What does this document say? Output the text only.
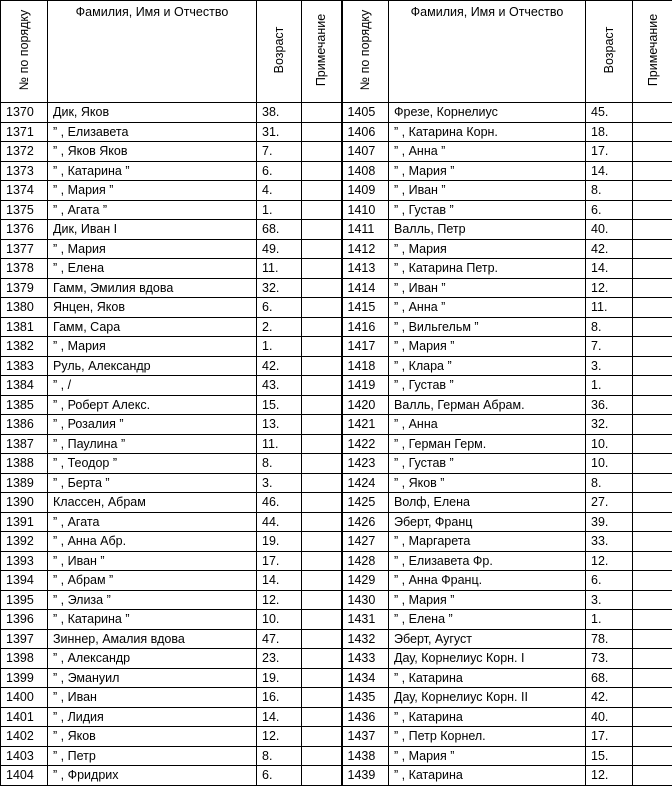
№ по порядку	Фамилия, Имя и Отчество	Возраст	Примечание	№ по порядку	Фамилия, Имя и Отчество	Возраст	Примечание

1370	Дик, Яков	38.		1405	Фрезе, Корнелиус	45.	
1371	” , Елизавета	31.		1406	” , Катарина Корн.	18.	
1372	” , Яков Яков	7.		1407	” , Анна ”	17.	
1373	” , Катарина ”	6.		1408	” , Мария ”	14.	
1374	” , Мария ”	4.		1409	” , Иван ”	8.	
1375	” , Агата ”	1.		1410	” , Густав ”	6.	
1376	Дик, Иван I	68.		1411	Валль, Петр	40.	
1377	” , Мария	49.		1412	” , Мария	42.	
1378	” , Елена	11.		1413	” , Катарина Петр.	14.	
1379	Гамм, Эмилия вдова	32.		1414	” , Иван ”	12.	
1380	Янцен, Яков	6.		1415	” , Анна ”	11.	
1381	Гамм, Сара	2.		1416	” , Вильгельм ”	8.	
1382	” , Мария	1.		1417	” , Мария ”	7.	
1383	Руль, Александр	42.		1418	” , Клара ”	3.	
1384	” , /	43.		1419	” , Густав ”	1.	
1385	” , Роберт Алекс.	15.		1420	Валль, Герман Абрам.	36.	
1386	” , Розалия ”	13.		1421	” , Анна	32.	
1387	” , Паулина ”	11.		1422	” , Герман Герм.	10.	
1388	” , Теодор ”	8.		1423	” , Густав ”	10.	
1389	” , Берта ”	3.		1424	” , Яков ”	8.	
1390	Классен, Абрам	46.		1425	Волф, Елена	27.	
1391	” , Агата	44.		1426	Эберт, Франц	39.	
1392	” , Анна Абр.	19.		1427	” , Маргарета	33.	
1393	” , Иван ”	17.		1428	” , Елизавета Фр.	12.	
1394	” , Абрам ”	14.		1429	” , Анна Франц.	6.	
1395	” , Элиза ”	12.		1430	” , Мария ”	3.	
1396	” , Катарина ”	10.		1431	” , Елена ”	1.	
1397	Зиннер, Амалия вдова	47.		1432	Эберт, Аугуст	78.	
1398	” , Александр	23.		1433	Дау, Корнелиус Корн. I	73.	
1399	” , Эмануил	19.		1434	” , Катарина	68.	
1400	” , Иван	16.		1435	Дау, Корнелиус Корн. II	42.	
1401	” , Лидия	14.		1436	” , Катарина	40.	
1402	” , Яков	12.		1437	” , Петр Корнел.	17.	
1403	” , Петр	8.		1438	” , Мария ”	15.	
1404	” , Фридрих	6.		1439	” , Катарина	12.	
